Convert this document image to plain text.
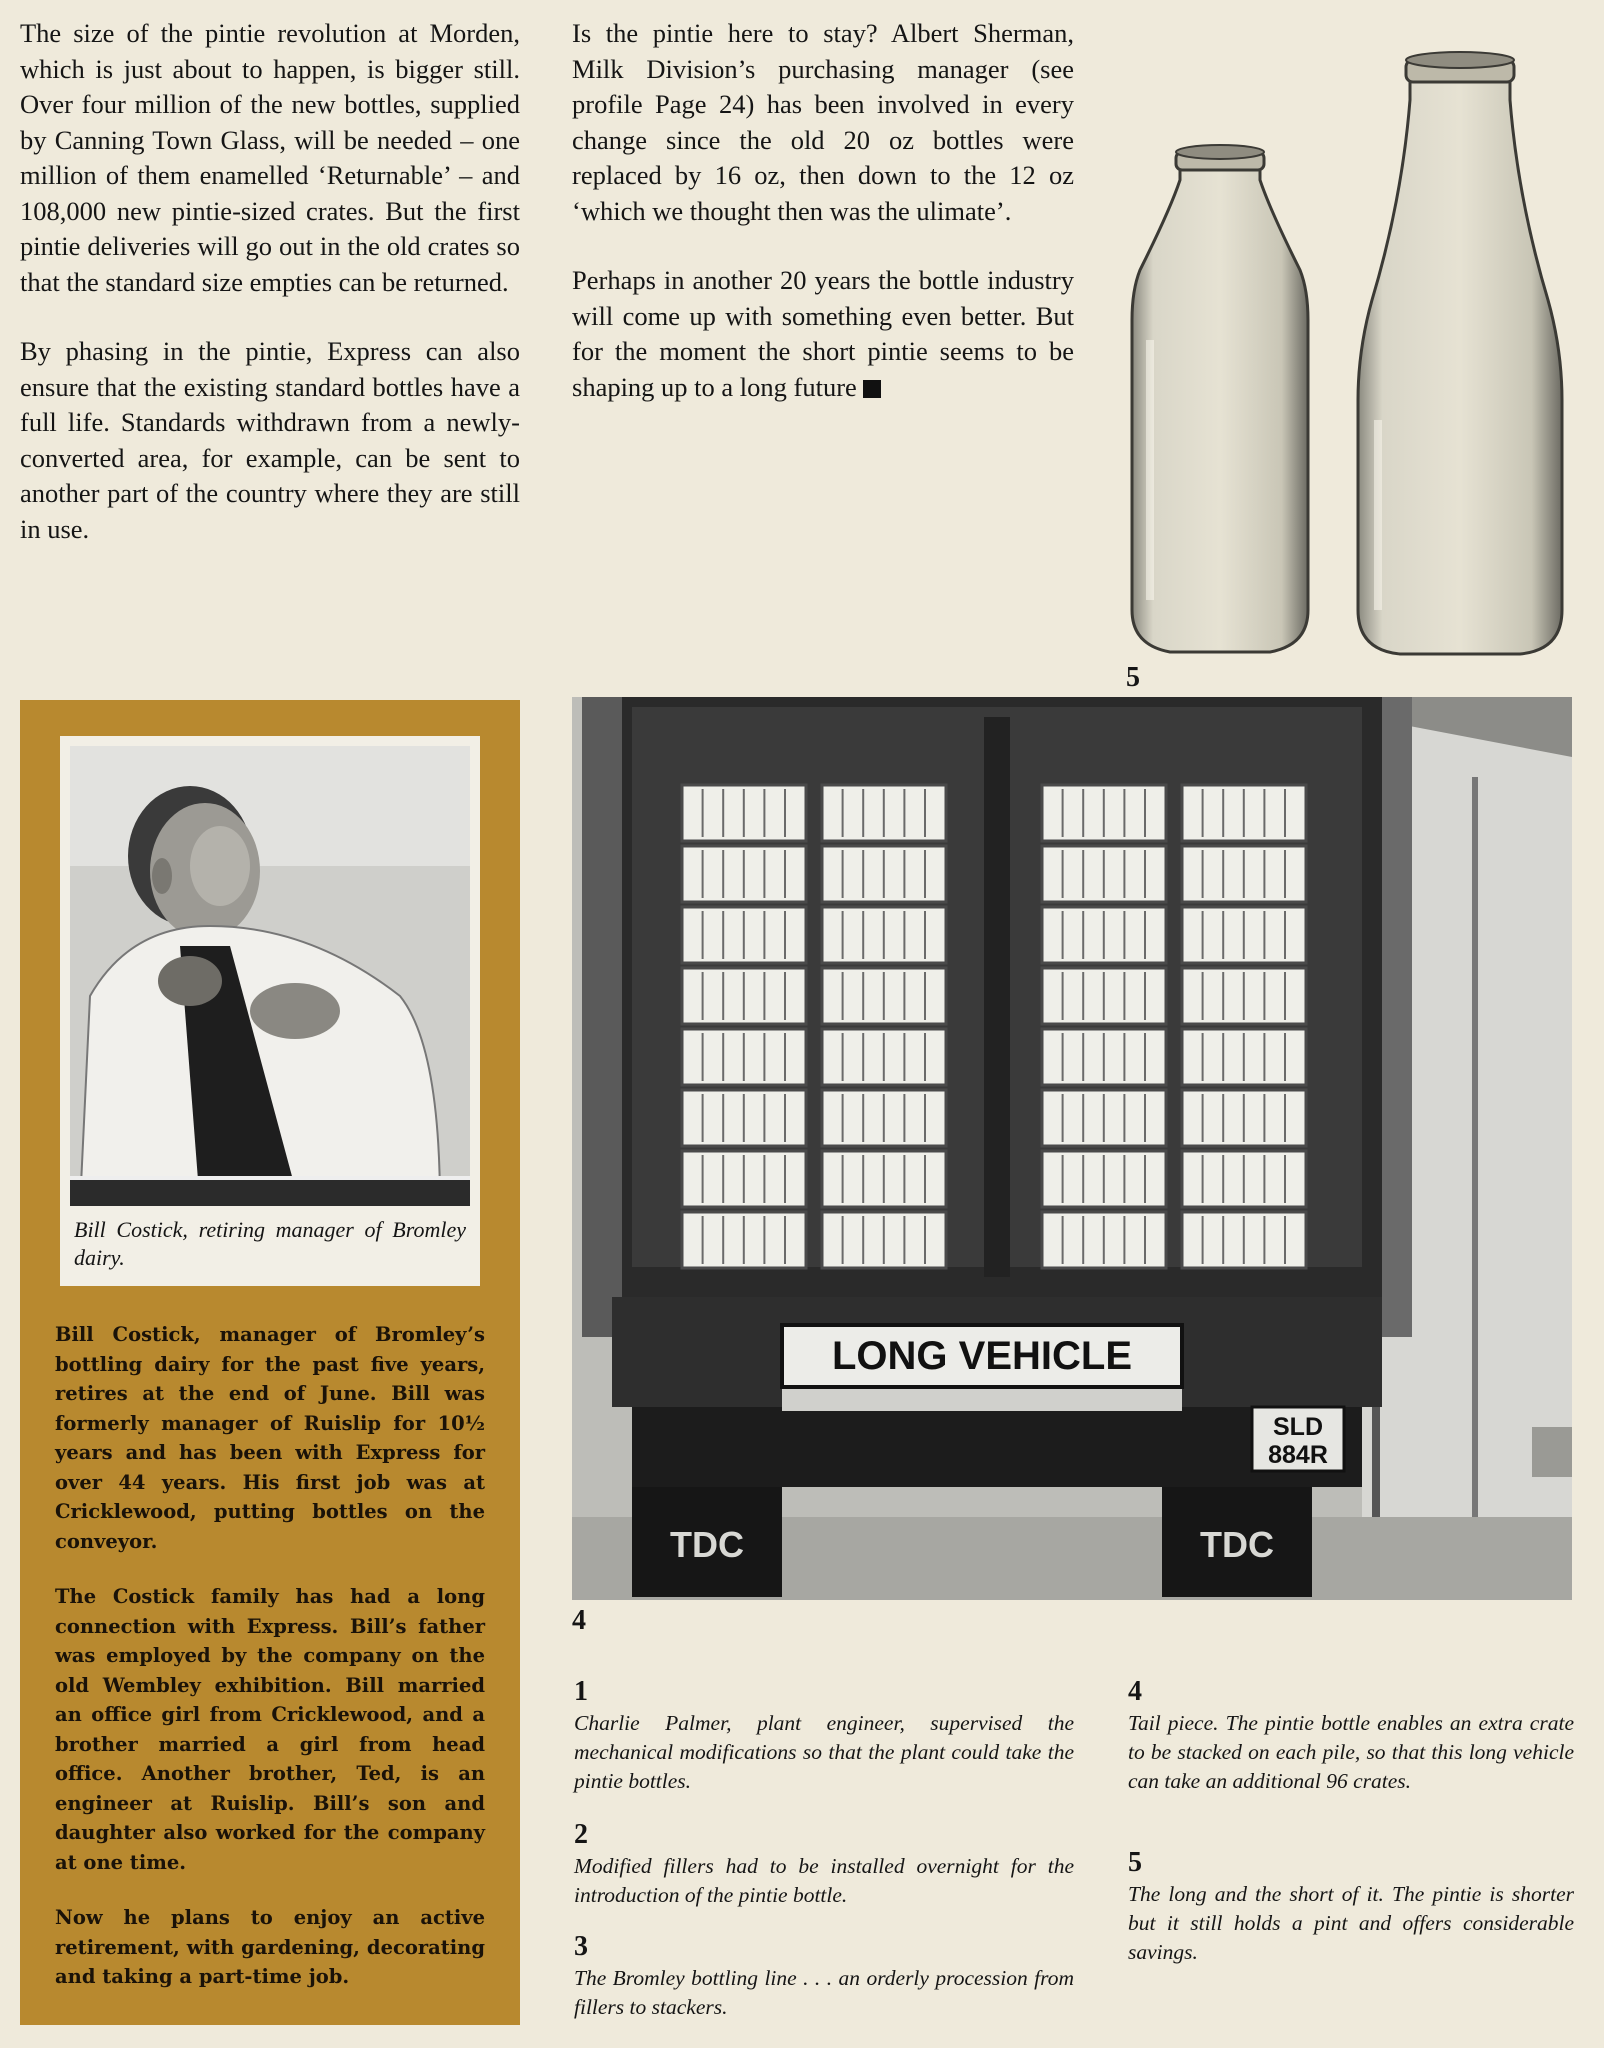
The size of the pintie revolution at Morden, which is just about to happen, is bigger still. Over four million of the new bottles, supplied by Canning Town Glass, will be needed – one million of them enamelled ‘Returnable’ – and 108,000 new pintie-sized crates. But the first pintie deliveries will go out in the old crates so that the standard size empties can be returned.

By phasing in the pintie, Express can also ensure that the existing standard bottles have a full life. Standards withdrawn from a newly-converted area, for example, can be sent to another part of the country where they are still in use.

Is the pintie here to stay? Albert Sherman, Milk Division’s purchasing manager (see profile Page 24) has been involved in every change since the old 20 oz bottles were replaced by 16 oz, then down to the 12 oz ‘which we thought then was the ulimate’.

Perhaps in another 20 years the bottle industry will come up with something even better. But for the moment the short pintie seems to be shaping up to a long future

5
Bill Costick, retiring manager of Bromley dairy.

Bill Costick, manager of Bromley’s bottling dairy for the past five years, retires at the end of June. Bill was formerly manager of Ruislip for 10½ years and has been with Express for over 44 years. His first job was at Cricklewood, putting bottles on the conveyor.

The Costick family has had a long connection with Express. Bill’s father was employed by the company on the old Wembley exhibition. Bill married an office girl from Cricklewood, and a brother married a girl from head office. Another brother, Ted, is an engineer at Ruislip. Bill’s son and daughter also worked for the company at one time.

Now he plans to enjoy an active retirement, with gardening, decorating and taking a part-time job.

LONG VEHICLE
SLD
884R
TDC	TDC
4
1
Charlie Palmer, plant engineer, supervised the mechanical modifications so that the plant could take the pintie bottles.
2
Modified fillers had to be installed overnight for the introduction of the pintie bottle.
3
The Bromley bottling line . . . an orderly procession from fillers to stackers.
4
Tail piece. The pintie bottle enables an extra crate to be stacked on each pile, so that this long vehicle can take an additional 96 crates.
5
The long and the short of it. The pintie is shorter but it still holds a pint and offers considerable savings.
